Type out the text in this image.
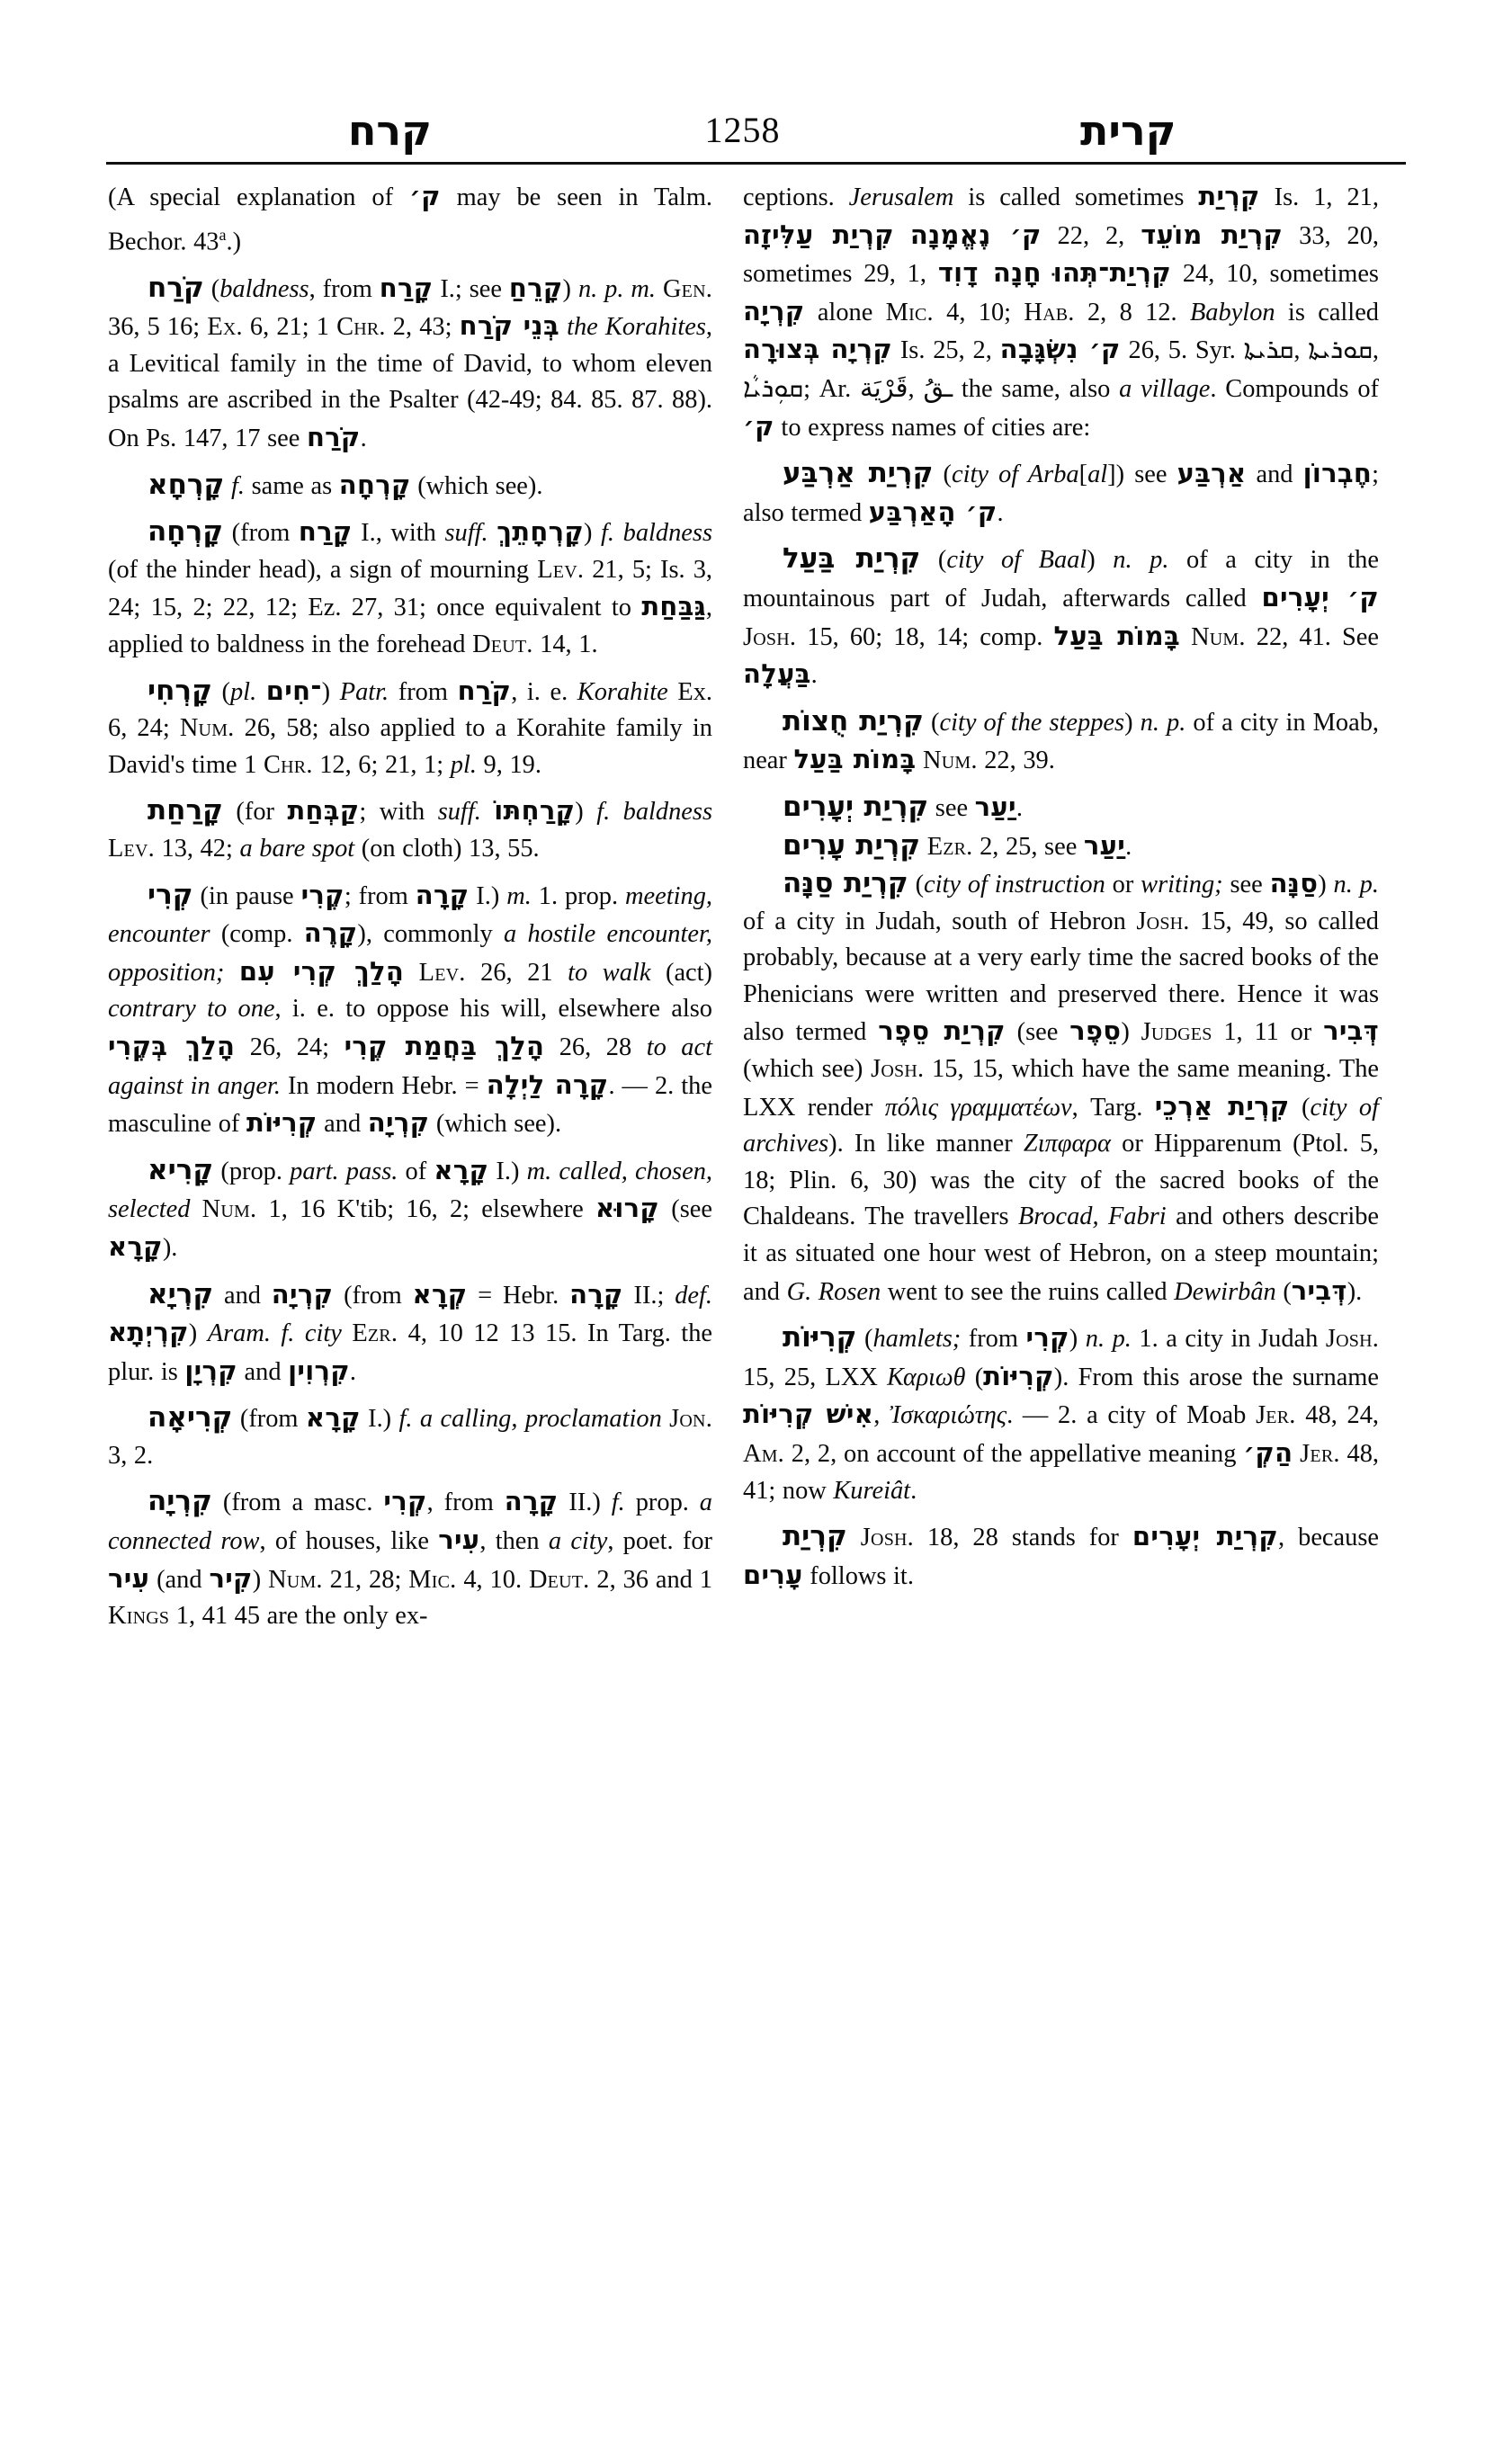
קרח	1258	קרית

(A special explanation of ק׳ may be seen in Talm. Bechor. 43$^a$.)

קֹרַח (baldness, from קָרַח I.; see קָרֵחַ) n. p. m. Gen. 36, 5 16; Ex. 6, 21; 1 Chr. 2, 43; בְּנֵי קֹרַח the Korahites, a Levitical family in the time of David, to whom eleven psalms are ascribed in the Psalter (42-49; 84. 85. 87. 88). On Ps. 147, 17 see קֹרַח.

קָרְחָא f. same as קָרְחָה (which see).

קָרְחָה (from קָרַח I., with suff. קָרְחָתֵךְ) f. baldness (of the hinder head), a sign of mourning Lev. 21, 5; Is. 3, 24; 15, 2; 22, 12; Ez. 27, 31; once equivalent to גַּבַּחַת, applied to baldness in the forehead Deut. 14, 1.

קָרְחִי (pl. ־חִים) Patr. from קֹרַח, i. e. Korahite Ex. 6, 24; Num. 26, 58; also applied to a Korahite family in David's time 1 Chr. 12, 6; 21, 1; pl. 9, 19.

קָרַחַת (for קַבְּחַת; with suff. קָרַחְתּוֹ) f. baldness Lev. 13, 42; a bare spot (on cloth) 13, 55.

קְרִי (in pause קֶרִי; from קָרָה I.) m. 1. prop. meeting, encounter (comp. קָרֶה), commonly a hostile encounter, opposition; הָלַךְ קְרִי עִם Lev. 26, 21 to walk (act) contrary to one, i. e. to oppose his will, elsewhere also הָלַךְ בְּקֶרִי 26, 24; הָלַךְ בַּחֲמַת קֶרִי 26, 28 to act against in anger. In modern Hebr. = קָרָה לַיְלָה. — 2. the masculine of קְרִיּוֹת and קִרְיָה (which see).

קָרִיא (prop. part. pass. of קָרָא I.) m. called, chosen, selected Num. 1, 16 K'tib; 16, 2; elsewhere קָרוּא (see קָרָא).

קִרְיָא and קִרְיָה (from קְרָא = Hebr. קָרָה II.; def. קִרְיְתָא) Aram. f. city Ezr. 4, 10 12 13 15. In Targ. the plur. is קִרְיָן and קִרְוִין.

קְרִיאָה (from קָרָא I.) f. a calling, proclamation Jon. 3, 2.

קִרְיָה (from a masc. קְרִי, from קָרָה II.) f. prop. a connected row, of houses, like עִיר, then a city, poet. for עִיר (and קִיר) Num. 21, 28; Mic. 4, 10. Deut. 2, 36 and 1 Kings 1, 41 45 are the only ex-

ceptions. Jerusalem is called sometimes קִרְיַת Is. 1, 21, קִרְיַת עַלִּיזָה ק׳ נֶאֱמָנָה 22, 2, קִרְיַת מוֹעֵד 33, 20, sometimes 29, 1, חָנָה דָוִד קִרְיַת־תְּהוּ 24, 10, sometimes קִרְיָה alone Mic. 4, 10; Hab. 2, 8 12. Babylon is called קִרְיָה בְּצוּרָה Is. 25, 2, ק׳ נִשְׂגָּבָה 26, 5. Syr. ܩܪܝܬܐ, ܩܘܪܝܬܐ, ܩܘܼܪܝܵܐ; Ar. قَرْيَة, ـقُ the same, also a village. Compounds of ק׳ to express names of cities are:

קִרְיַת אַרְבַּע (city of Arba[al]) see אַרְבַּע and חֶבְרוֹן; also termed ק׳ הָאַרְבַּע.

קִרְיַת בַּעַל (city of Baal) n. p. of a city in the mountainous part of Judah, afterwards called ק׳ יְעָרִים Josh. 15, 60; 18, 14; comp. בָּמוֹת בַּעַל Num. 22, 41. See בַּעֲלָה.

קִרְיַת חֻצוֹת (city of the steppes) n. p. of a city in Moab, near בָּמוֹת בַּעַל Num. 22, 39.

קִרְיַת יְעָרִים see יַעַר.

קִרְיַת עָרִים Ezr. 2, 25, see יַעַר.

קִרְיַת סַנָּה (city of instruction or writing; see סַנָּה) n. p. of a city in Judah, south of Hebron Josh. 15, 49, so called probably, because at a very early time the sacred books of the Phenicians were written and preserved there. Hence it was also termed קִרְיַת סֵפֶר (see סֵפֶר) Judges 1, 11 or דְּבִיר (which see) Josh. 15, 15, which have the same meaning. The LXX render πόλις γραμματέων, Targ. קִרְיַת אַרְכֵי (city of archives). In like manner Ζιπφαρα or Hipparenum (Ptol. 5, 18; Plin. 6, 30) was the city of the sacred books of the Chaldeans. The travellers Brocad, Fabri and others describe it as situated one hour west of Hebron, on a steep mountain; and G. Rosen went to see the ruins called Dewirbân (דְּבִיר).

קְרִיּוֹת (hamlets; from קְרִי) n. p. 1. a city in Judah Josh. 15, 25, LXX Καριωθ (קְרִיּוֹת). From this arose the surname אִישׁ קְרִיּוֹת, Ἰσκαριώτης. — 2. a city of Moab Jer. 48, 24, Am. 2, 2, on account of the appellative meaning הַקְ׳ Jer. 48, 41; now Kureiât.

קִרְיַת Josh. 18, 28 stands for קִרְיַת יְעָרִים, because עָרִים follows it.
